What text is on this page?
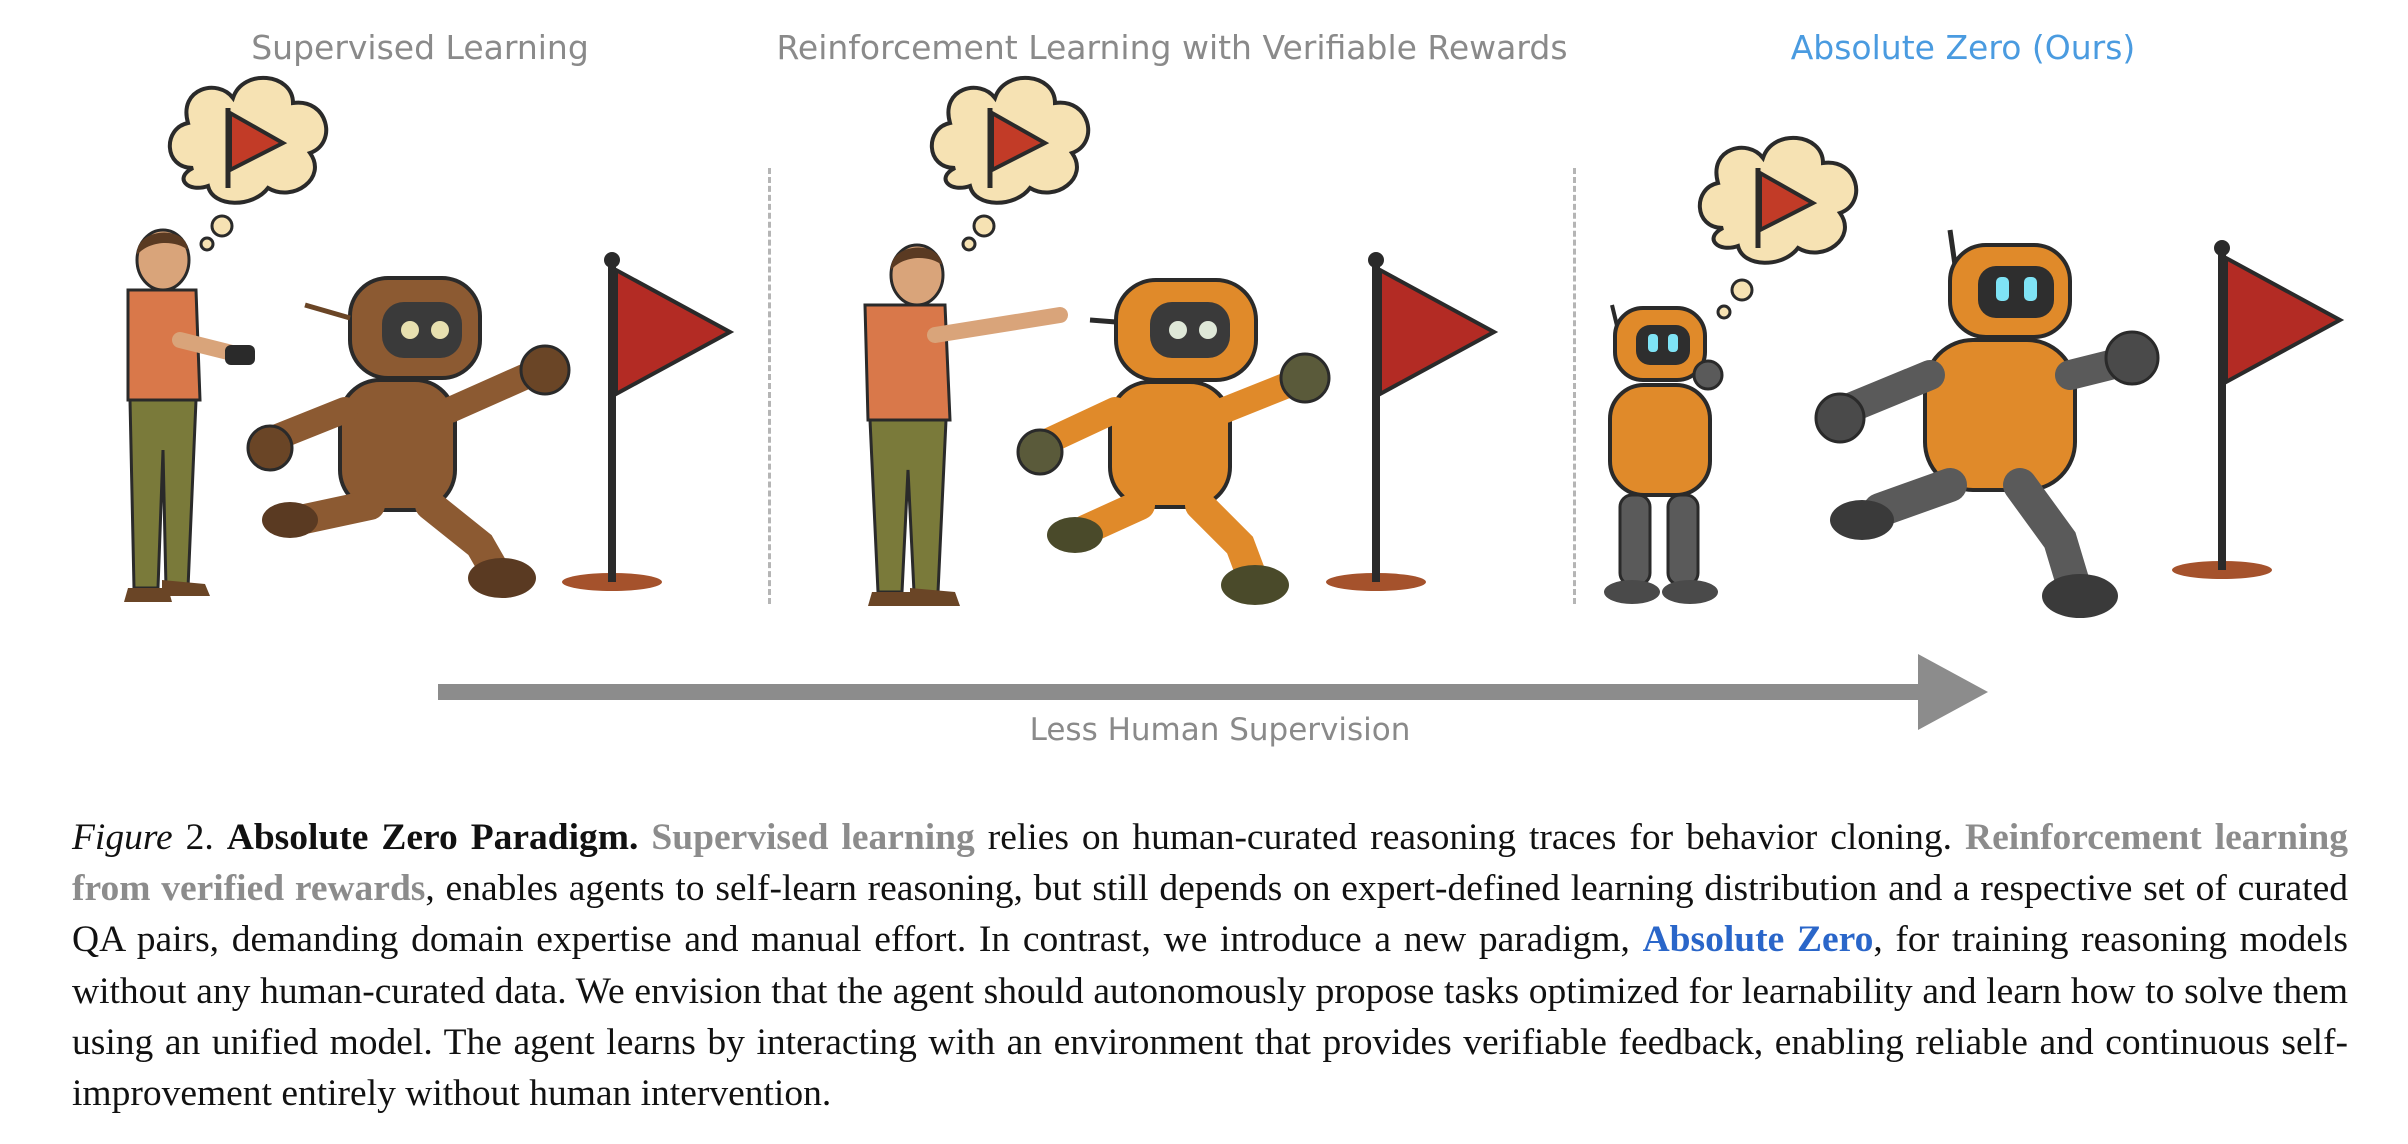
Supervised Learning	Reinforcement Learning with Verifiable Rewards	Absolute Zero (Ours)
Less Human Supervision

Figure 2. Absolute Zero Paradigm. Supervised learning relies on human-curated reasoning traces for behavior cloning. Reinforcement learning from verified rewards, enables agents to self-learn reasoning, but still depends on expert-defined learning distribution and a respective set of curated QA pairs, demanding domain expertise and manual effort. In contrast, we introduce a new paradigm, Absolute Zero, for training reasoning models without any human-curated data. We envision that the agent should autonomously propose tasks optimized for learnability and learn how to solve them using an unified model. The agent learns by interacting with an environment that provides verifiable feedback, enabling reliable and continuous self-improvement entirely without human intervention.
